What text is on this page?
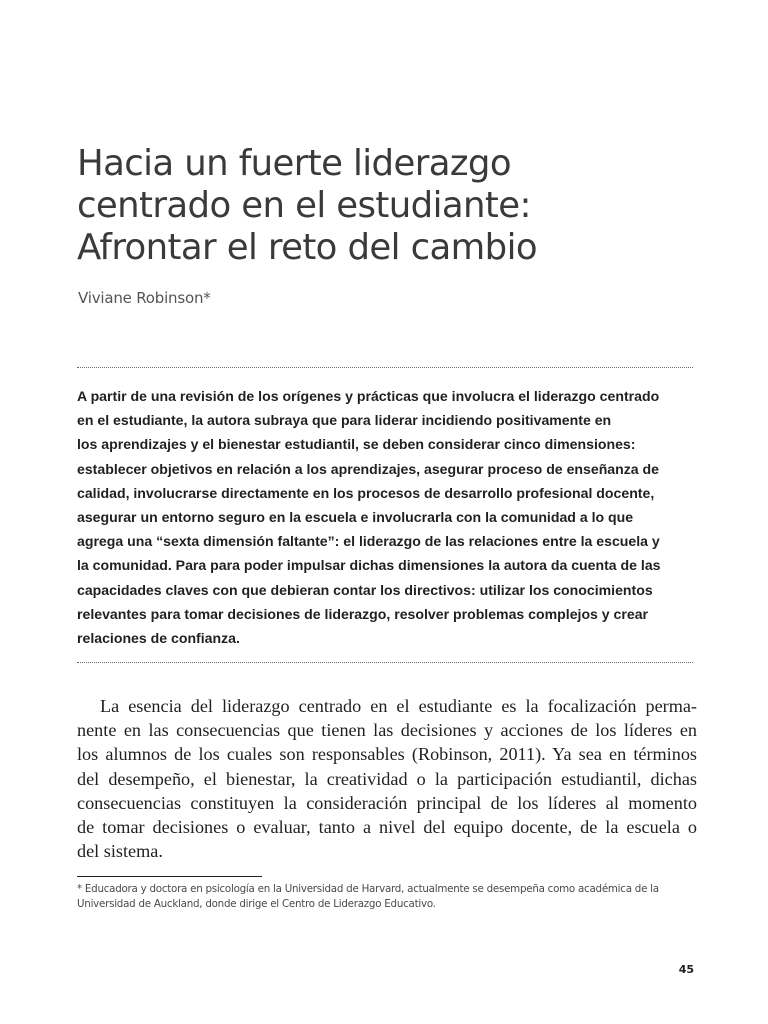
Hacia un fuerte liderazgo
centrado en el estudiante:
Afrontar el reto del cambio
Viviane Robinson*

A partir de una revisión de los orígenes y prácticas que involucra el liderazgo centrado
en el estudiante, la autora subraya que para liderar incidiendo positivamente en
los aprendizajes y el bienestar estudiantil, se deben considerar cinco dimensiones:
establecer objetivos en relación a los aprendizajes, asegurar proceso de enseñanza de
calidad, involucrarse directamente en los procesos de desarrollo profesional docente,
asegurar un entorno seguro en la escuela e involucrarla con la comunidad a lo que
agrega una “sexta dimensión faltante”: el liderazgo de las relaciones entre la escuela y
la comunidad. Para para poder impulsar dichas dimensiones la autora da cuenta de las
capacidades claves con que debieran contar los directivos: utilizar los conocimientos
relevantes para tomar decisiones de liderazgo, resolver problemas complejos y crear
relaciones de confianza.

La esencia del liderazgo centrado en el estudiante es la focalización perma-
nente en las consecuencias que tienen las decisiones y acciones de los líderes en
los alumnos de los cuales son responsables (Robinson, 2011). Ya sea en términos
del desempeño, el bienestar, la creatividad o la participación estudiantil, dichas
consecuencias constituyen la consideración principal de los líderes al momento
de tomar decisiones o evaluar, tanto a nivel del equipo docente, de la escuela o
del sistema.

* Educadora y doctora en psicología en la Universidad de Harvard, actualmente se desempeña como académica de la
Universidad de Auckland, donde dirige el Centro de Liderazgo Educativo.

45
